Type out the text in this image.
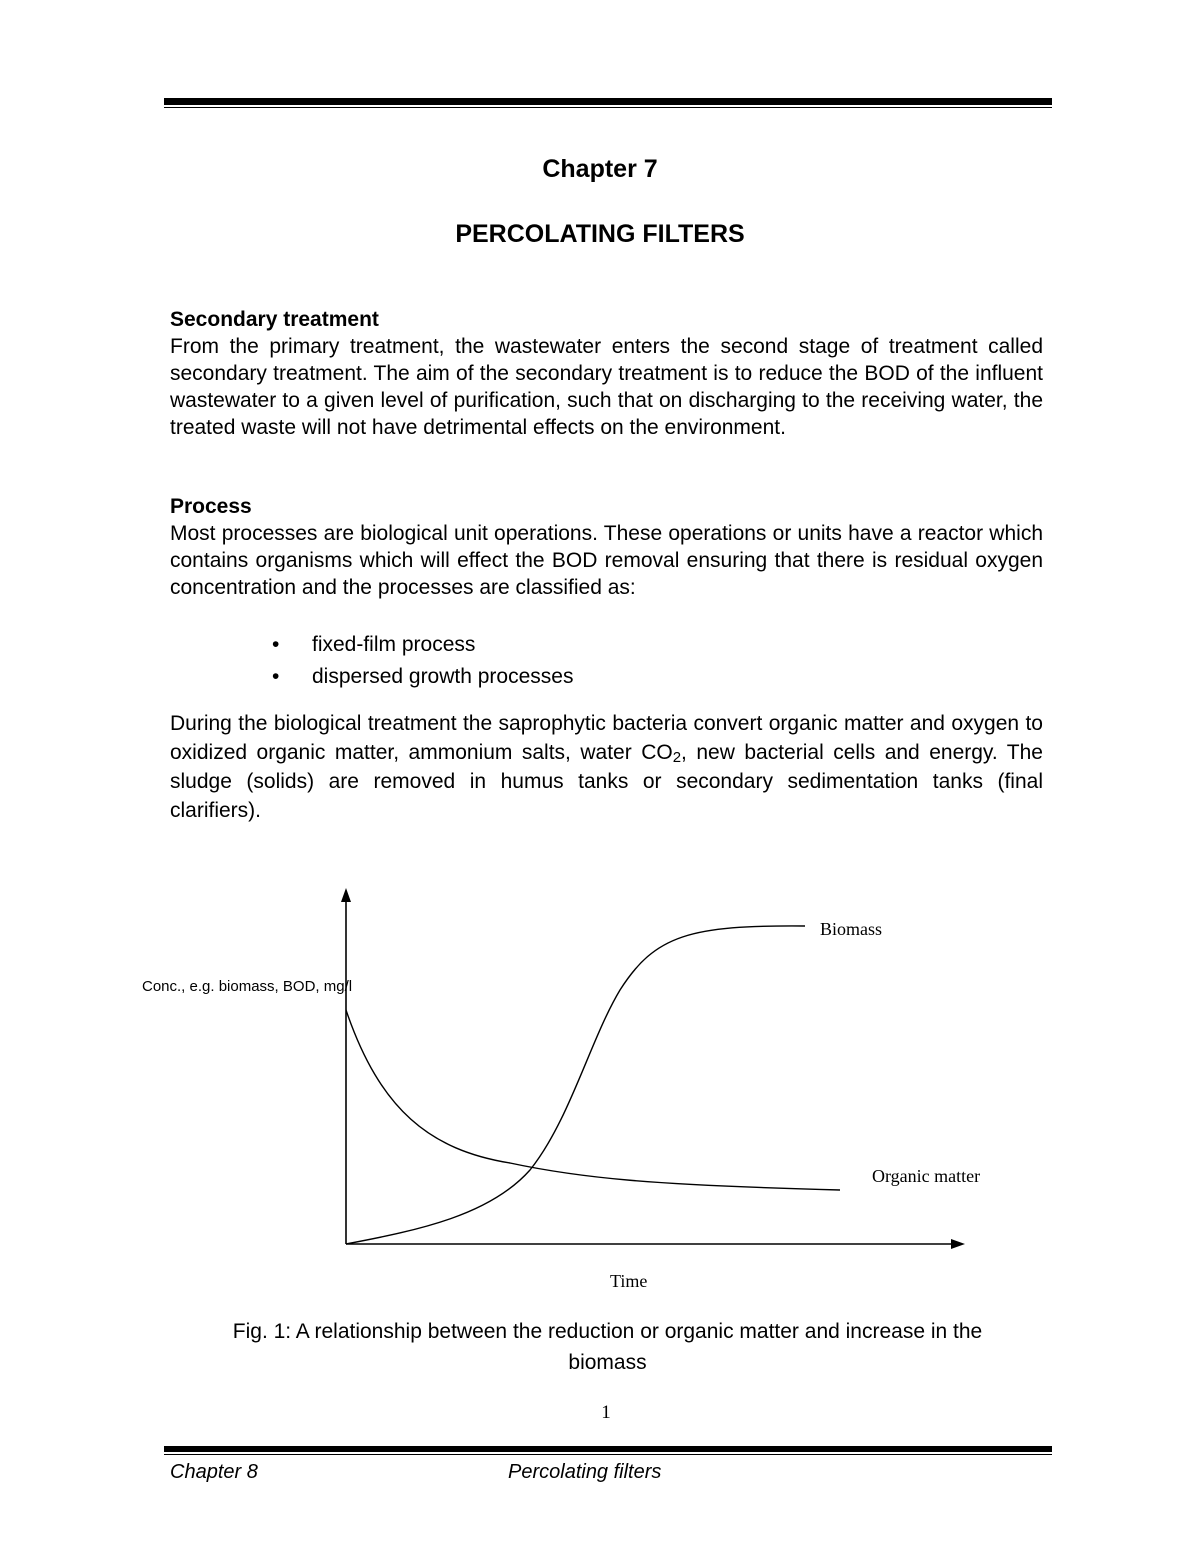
Chapter 7
PERCOLATING FILTERS
Secondary treatment

From the primary treatment, the wastewater enters the second stage of treatment called secondary treatment. The aim of the secondary treatment is to reduce the BOD of the influent wastewater to a given level of purification, such that on discharging to the receiving water, the treated waste will not have detrimental effects on the environment.

Process

Most processes are biological unit operations. These operations or units have a reactor which contains organisms which will effect the BOD removal ensuring that there is residual oxygen concentration and the processes are classified as:

• fixed-film process
• dispersed growth processes

During the biological treatment the saprophytic bacteria convert organic matter and oxygen to oxidized organic matter, ammonium salts, water $CO_2$, new bacterial cells and energy. The sludge (solids) are removed in humus tanks or secondary sedimentation tanks (final clarifiers).

Biomass
Organic matter
Conc., e.g. biomass, BOD, mg/l
Time
Fig. 1: A relationship between the reduction or organic matter and increase in the
biomass
1
Chapter 8	Percolating filters
